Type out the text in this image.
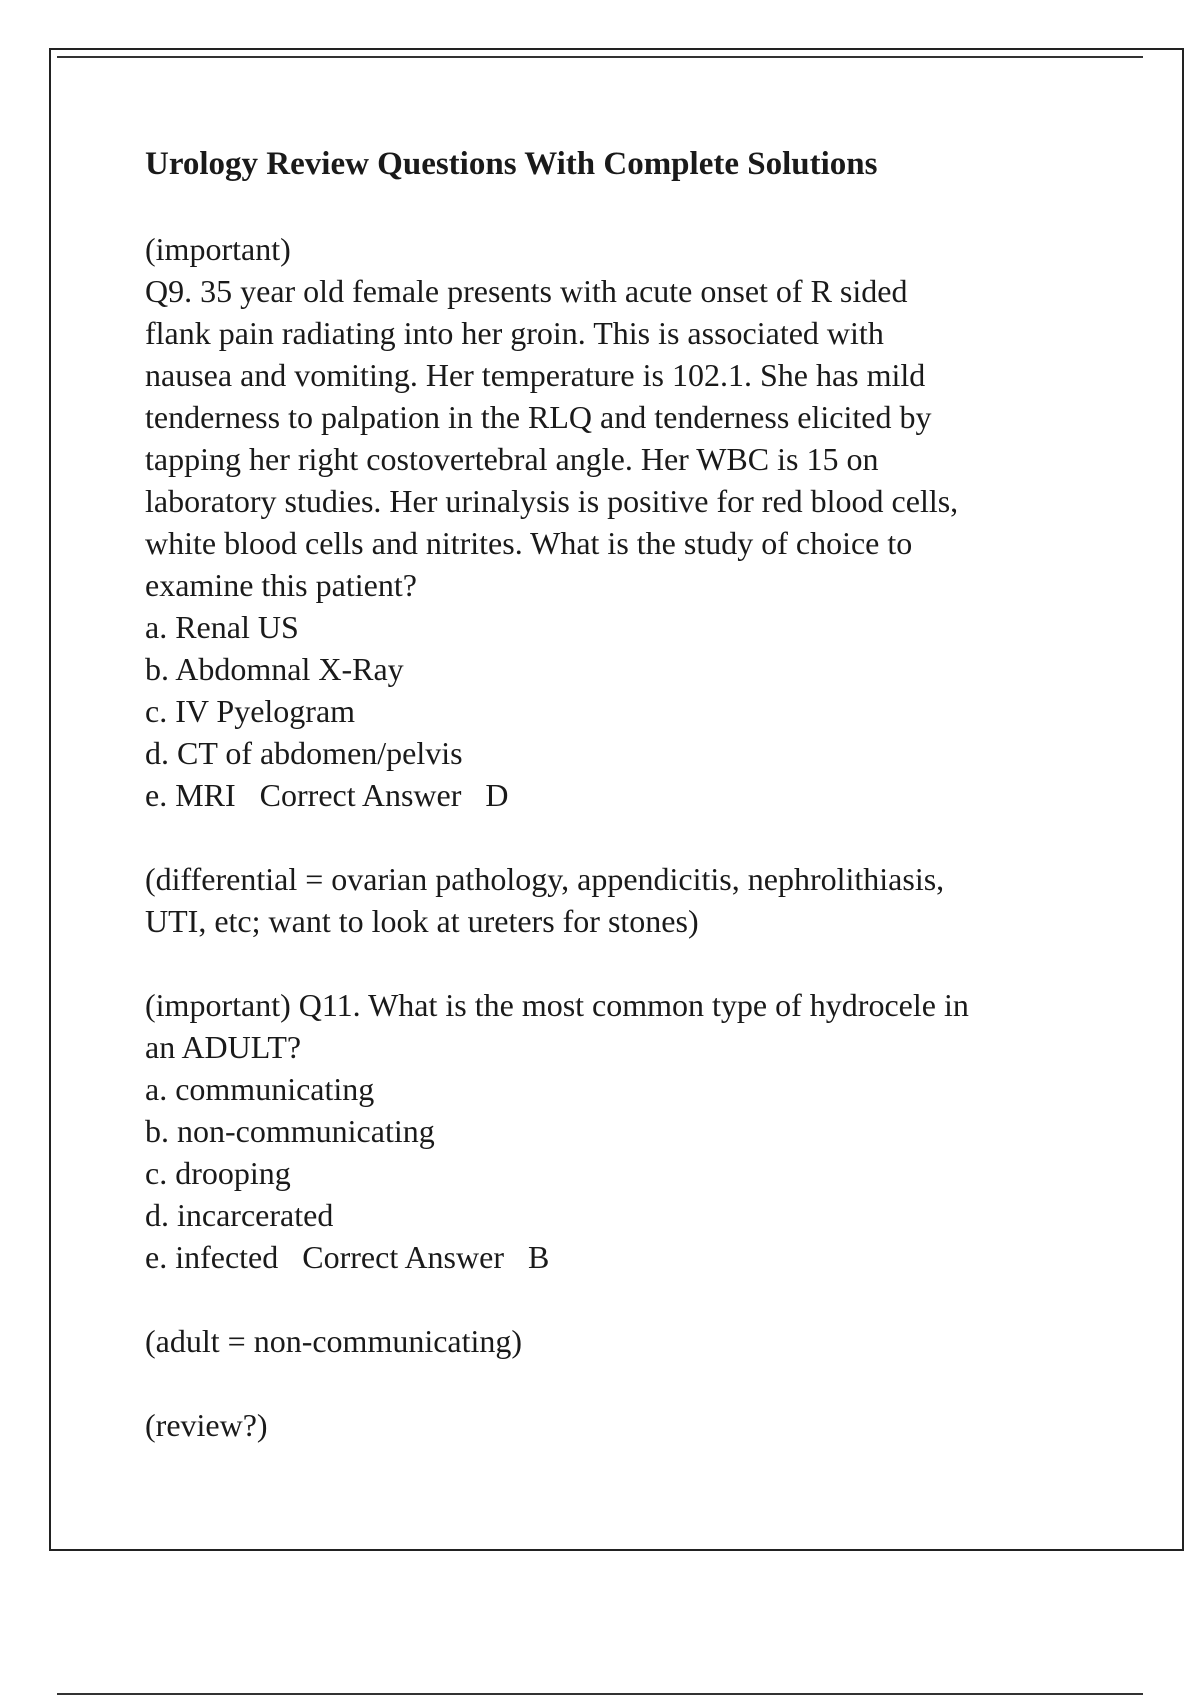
Urology Review Questions With Complete Solutions
(important)
Q9. 35 year old female presents with acute onset of R sided
flank pain radiating into her groin. This is associated with
nausea and vomiting. Her temperature is 102.1. She has mild
tenderness to palpation in the RLQ and tenderness elicited by
tapping her right costovertebral angle. Her WBC is 15 on
laboratory studies. Her urinalysis is positive for red blood cells,
white blood cells and nitrites. What is the study of choice to
examine this patient?
a. Renal US
b. Abdomnal X-Ray
c. IV Pyelogram
d. CT of abdomen/pelvis
e. MRI Correct Answer D
(differential = ovarian pathology, appendicitis, nephrolithiasis,
UTI, etc; want to look at ureters for stones)
(important) Q11. What is the most common type of hydrocele in
an ADULT?
a. communicating
b. non-communicating
c. drooping
d. incarcerated
e. infected Correct Answer B
(adult = non-communicating)
(review?)
